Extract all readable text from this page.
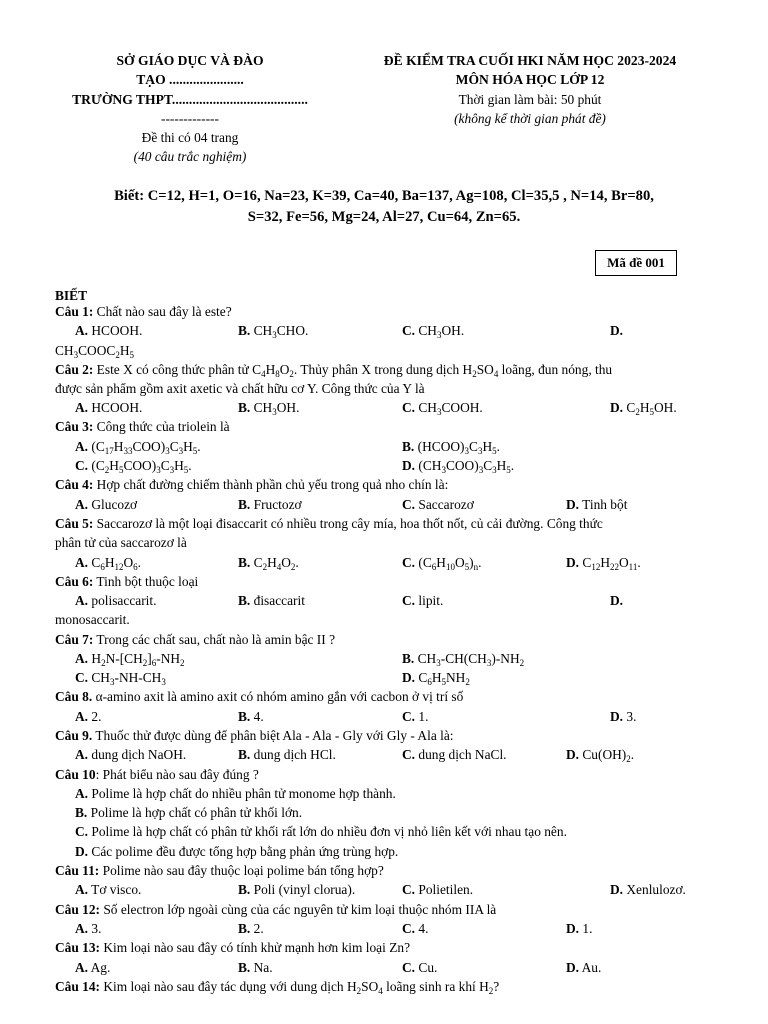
SỞ GIÁO DỤC VÀ ĐÀO
TẠO ......................
TRƯỜNG THPT........................................
-------------
Đề thi có 04 trang
(40 câu trắc nghiệm)
ĐỀ KIỂM TRA CUỐI HKI NĂM HỌC 2023-2024
MÔN HÓA HỌC LỚP 12
Thời gian làm bài: 50 phút
(không kể thời gian phát đề)
Biết: C=12, H=1, O=16, Na=23, K=39, Ca=40, Ba=137, Ag=108, Cl=35,5 , N=14, Br=80,
S=32, Fe=56, Mg=24, Al=27, Cu=64, Zn=65.
Mã đề 001
BIẾT
Câu 1: Chất nào sau đây là este?
A. HCOOH.	B. $CH_3CHO$.	C. $CH_3OH$.	D.
$CH_3COOC_2H_5$
Câu 2: Este X có công thức phân tử $C_4H_8O_2$. Thủy phân X trong dung dịch $H_2SO_4$ loãng, đun nóng, thu
được sản phẩm gồm axit axetic và chất hữu cơ Y. Công thức của Y là
A. HCOOH.	B. $CH_3OH$.	C. $CH_3COOH$.	D. $C_2H_5OH$.
Câu 3: Công thức của triolein là
A. $(C_{17}H_{33}COO)_3C_3H_5$.	B. $(HCOO)_3C_3H_5$.
C. $(C_2H_5COO)_3C_3H_5$.	D. $(CH_3COO)_3C_3H_5$.
Câu 4: Hợp chất đường chiếm thành phần chủ yếu trong quả nho chín là:
A. Glucozơ	B. Fructozơ	C. Saccarozơ	D. Tinh bột
Câu 5: Saccarozơ là một loại đisaccarit có nhiều trong cây mía, hoa thốt nốt, củ cải đường. Công thức
phân tử của saccarozơ là
A. $C_6H_{12}O_6$.	B. $C_2H_4O_2$.	C. $(C_6H_{10}O_5)_n$.	D. $C_{12}H_{22}O_{11}$.
Câu 6: Tinh bột thuộc loại
A. polisaccarit.	B. đisaccarit	C. lipit.	D.
monosaccarit.
Câu 7: Trong các chất sau, chất nào là amin bậc II ?
A. $H_2N-[CH_2]_6-NH_2$	B. $CH_3-CH(CH_3)-NH_2$
C. $CH_3-NH-CH_3$	D. $C_6H_5NH_2$
Câu 8. α-amino axit là amino axit có nhóm amino gắn với cacbon ở vị trí số
A. 2.	B. 4.	C. 1.	D. 3.
Câu 9. Thuốc thử được dùng để phân biệt Ala - Ala - Gly với Gly - Ala là:
A. dung dịch NaOH.	B. dung dịch HCl.	C. dung dịch NaCl.	D. $Cu(OH)_2$.
Câu 10: Phát biểu nào sau đây đúng ?
A. Polime là hợp chất do nhiều phân tử monome hợp thành.
B. Polime là hợp chất có phân tử khối lớn.
C. Polime là hợp chất có phân tử khối rất lớn do nhiều đơn vị nhỏ liên kết với nhau tạo nên.
D. Các polime đều được tổng hợp bằng phản ứng trùng hợp.
Câu 11: Polime nào sau đây thuộc loại polime bán tổng hợp?
A. Tơ visco.	B. Poli (vinyl clorua).	C. Polietilen.	D. Xenlulozơ.
Câu 12: Số electron lớp ngoài cùng của các nguyên tử kim loại thuộc nhóm IIA là
A. 3.	B. 2.	C. 4.	D. 1.
Câu 13: Kim loại nào sau đây có tính khử mạnh hơn kim loại Zn?
A. Ag.	B. Na.	C. Cu.	D. Au.
Câu 14: Kim loại nào sau đây tác dụng với dung dịch $H_2SO_4$ loãng sinh ra khí $H_2$?
